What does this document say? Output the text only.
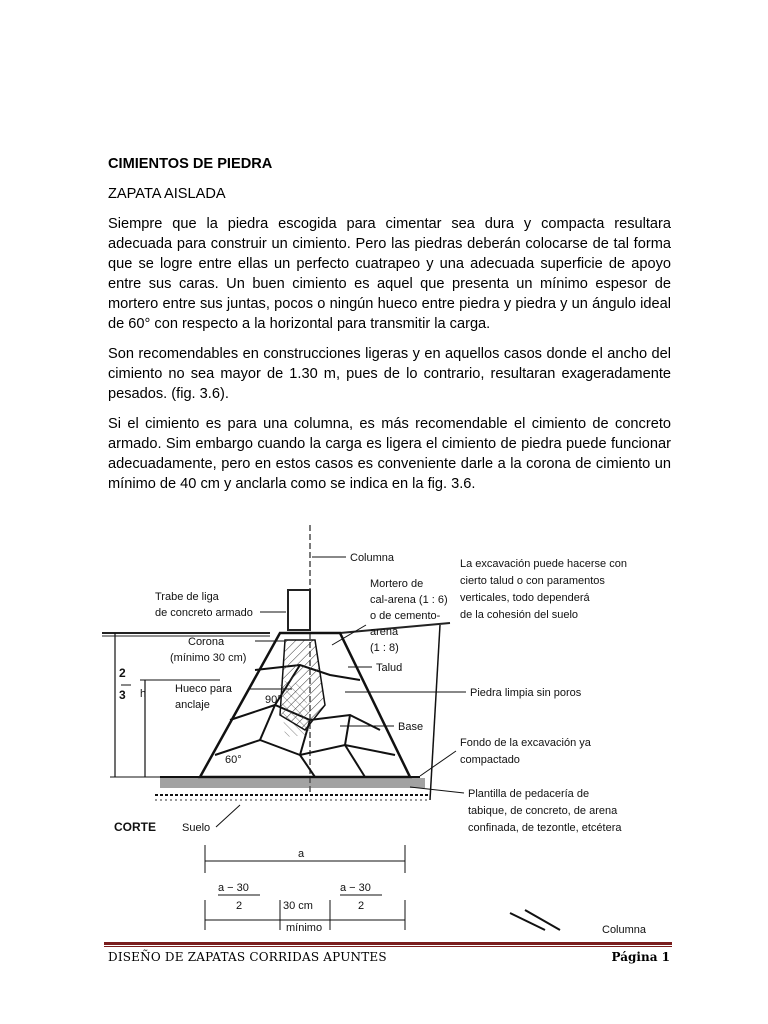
CIMIENTOS DE PIEDRA
ZAPATA AISLADA
Siempre que la piedra escogida para cimentar sea dura y compacta resultara adecuada para construir un cimiento. Pero las piedras deberán colocarse de tal forma que se logre entre ellas un perfecto cuatrapeo y una adecuada superficie de apoyo entre sus caras. Un buen cimiento es aquel que presenta un mínimo espesor de mortero entre sus juntas, pocos o ningún hueco entre piedra y piedra y un ángulo ideal de 60° con respecto a la horizontal para transmitir la carga.
Son recomendables en construcciones ligeras y en aquellos casos donde el ancho del cimiento no sea mayor de 1.30 m, pues de lo contrario, resultaran exageradamente pesados. (fig. 3.6).
Si el cimiento es para una columna, es más recomendable el cimiento de concreto armado. Sim embargo cuando la carga es ligera el cimiento de piedra puede funcionar adecuadamente, pero en estos casos es conveniente darle a la corona de cimiento un mínimo de 40 cm y anclarla como se indica en la fig. 3.6.
Columna
Mortero de
cal-arena (1 : 6)
o de cemento-
arena
(1 : 8)
Talud
Trabe de liga
de concreto armado
Corona
(mínimo 30 cm)
Hueco para
anclaje	90°
60°
2
3 h
Base
La excavación puede hacerse con
cierto talud o con paramentos
verticales, todo dependerá
de la cohesión del suelo
Piedra limpia sin poros
Fondo de la excavación ya
compactado
Plantilla de pedacería de
tabique, de concreto, de arena
confinada, de tezontle, etcétera
CORTE Suelo
a
a − 30
2	30 cm
mínimo
a − 30
2
Columna
DISEÑO DE ZAPATAS CORRIDAS APUNTES	Página 1
